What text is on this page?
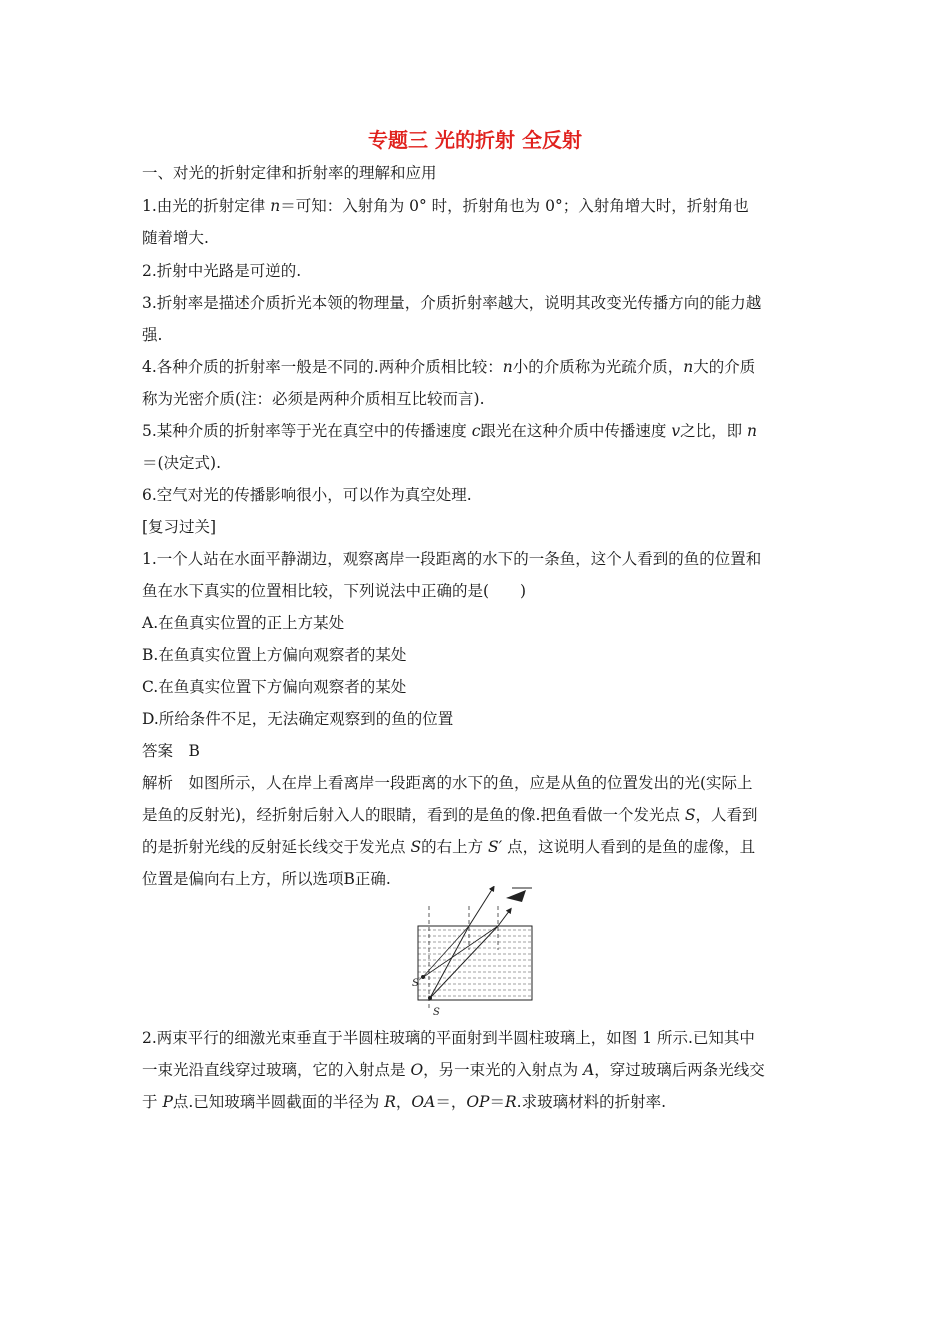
专题三 光的折射 全反射
一、对光的折射定律和折射率的理解和应用
1.由光的折射定律 n＝可知：入射角为 0° 时，折射角也为 0°；入射角增大时，折射角也
随着增大.
2.折射中光路是可逆的.
3.折射率是描述介质折光本领的物理量，介质折射率越大，说明其改变光传播方向的能力越
强.
4.各种介质的折射率一般是不同的.两种介质相比较：n小的介质称为光疏介质，n大的介质
称为光密介质(注：必须是两种介质相互比较而言).
5.某种介质的折射率等于光在真空中的传播速度 c跟光在这种介质中传播速度 v之比，即 n
＝(决定式).
6.空气对光的传播影响很小，可以作为真空处理.
[复习过关]
1.一个人站在水面平静湖边，观察离岸一段距离的水下的一条鱼，这个人看到的鱼的位置和
鱼在水下真实的位置相比较，下列说法中正确的是(　　)
A.在鱼真实位置的正上方某处
B.在鱼真实位置上方偏向观察者的某处
C.在鱼真实位置下方偏向观察者的某处
D.所给条件不足，无法确定观察到的鱼的位置
答案　B
解析　如图所示，人在岸上看离岸一段距离的水下的鱼，应是从鱼的位置发出的光(实际上
是鱼的反射光)，经折射后射入人的眼睛，看到的是鱼的像.把鱼看做一个发光点 S，人看到
的是折射光线的反射延长线交于发光点 S的右上方 S′ 点，这说明人看到的是鱼的虚像，且
位置是偏向右上方，所以选项B正确.
S′
S
2.两束平行的细激光束垂直于半圆柱玻璃的平面射到半圆柱玻璃上，如图 1 所示.已知其中
一束光沿直线穿过玻璃，它的入射点是 O，另一束光的入射点为 A，穿过玻璃后两条光线交
于 P点.已知玻璃半圆截面的半径为 R，OA＝，OP＝R.求玻璃材料的折射率.
